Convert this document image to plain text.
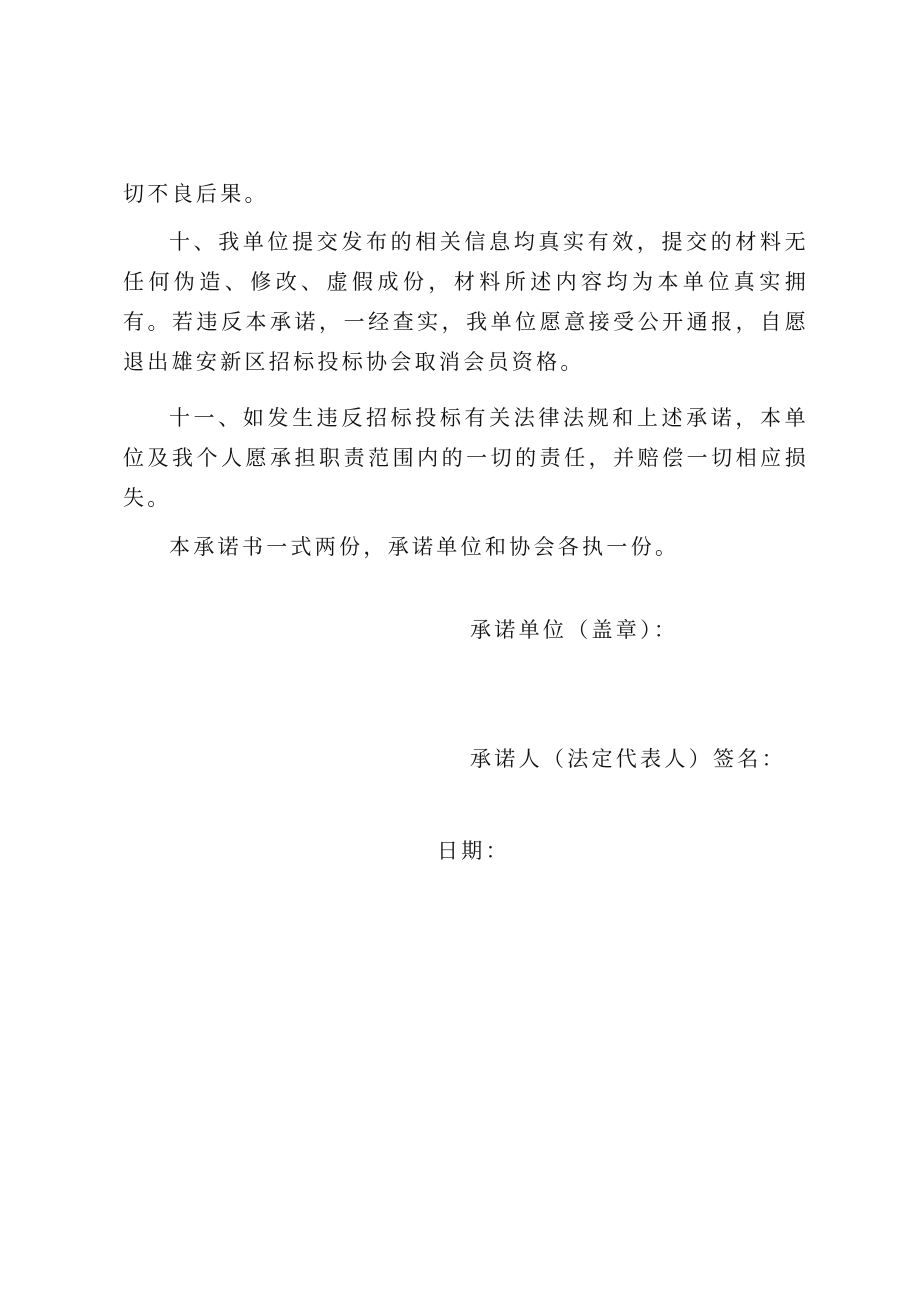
切不良后果。

十、我单位提交发布的相关信息均真实有效，提交的材料无任何伪造、修改、虚假成份，材料所述内容均为本单位真实拥有。若违反本承诺，一经查实，我单位愿意接受公开通报，自愿退出雄安新区招标投标协会取消会员资格。

十一、如发生违反招标投标有关法律法规和上述承诺，本单位及我个人愿承担职责范围内的一切的责任，并赔偿一切相应损失。

本承诺书一式两份，承诺单位和协会各执一份。

承诺单位（盖章）：

承诺人（法定代表人）签名：

日期：
